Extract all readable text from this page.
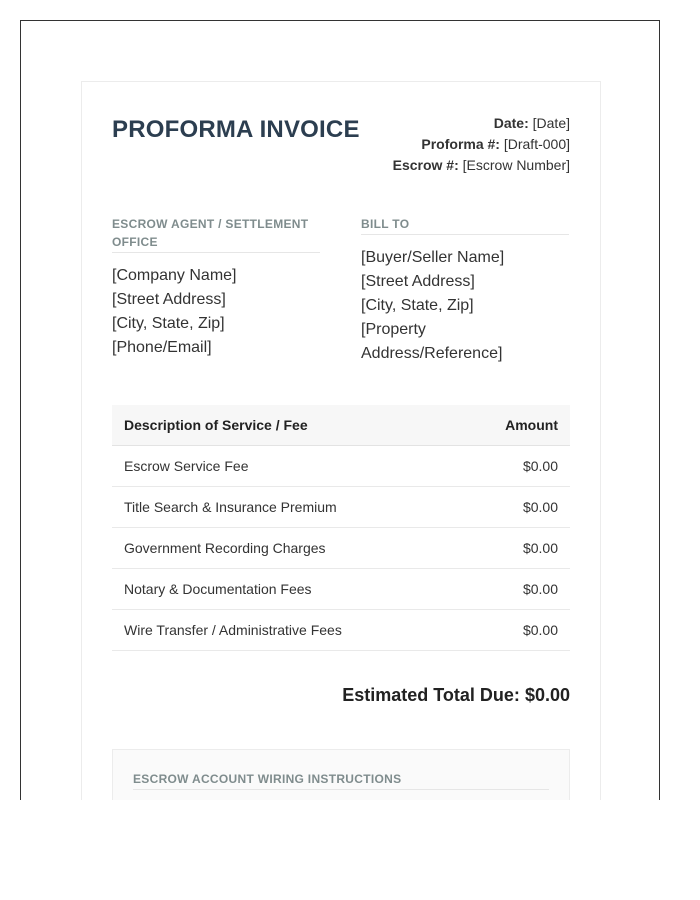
PROFORMA INVOICE	Date: [Date]
Proforma #: [Draft-000]
Escrow #: [Escrow Number]
ESCROW AGENT / SETTLEMENT OFFICE
[Company Name]
[Street Address]
[City, State, Zip]
[Phone/Email]
BILL TO
[Buyer/Seller Name]
[Street Address]
[City, State, Zip]
[Property Address/Reference]
Description of Service / Fee	Amount
Escrow Service Fee	$0.00
Title Search & Insurance Premium	$0.00
Government Recording Charges	$0.00
Notary & Documentation Fees	$0.00
Wire Transfer / Administrative Fees	$0.00
Estimated Total Due: $0.00
ESCROW ACCOUNT WIRING INSTRUCTIONS
